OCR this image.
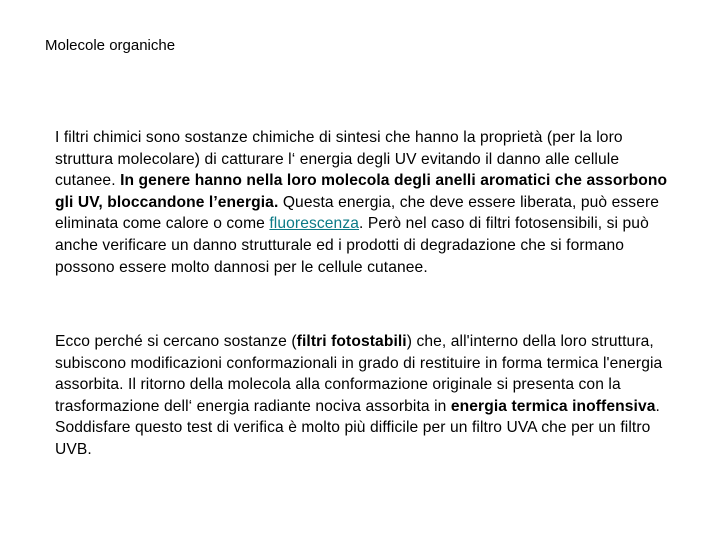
Molecole organiche

I filtri chimici sono sostanze chimiche di sintesi che hanno la proprietà (per la loro struttura molecolare) di catturare l‘ energia degli UV evitando il danno alle cellule cutanee. In genere hanno nella loro molecola degli anelli aromatici che assorbono gli UV, bloccandone l’energia. Questa energia, che deve essere liberata, può essere eliminata come calore o come fluorescenza. Però nel caso di filtri fotosensibili, si può anche verificare un danno strutturale ed i prodotti di degradazione che si formano possono essere molto dannosi per le cellule cutanee.

Ecco perché si cercano sostanze (filtri fotostabili) che, all'interno della loro struttura, subiscono modificazioni conformazionali in grado di restituire in forma termica l'energia assorbita. Il ritorno della molecola alla conformazione originale si presenta con la trasformazione dell‘ energia radiante nociva assorbita in energia termica inoffensiva. Soddisfare questo test di verifica è molto più difficile per un filtro UVA che per un filtro UVB.
